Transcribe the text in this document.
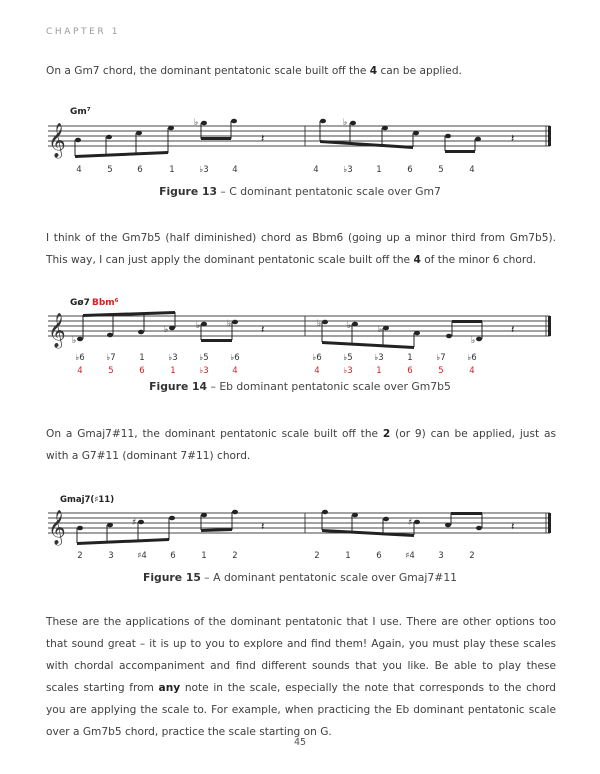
CHAPTER 1
On a Gm7 chord, the dominant pentatonic scale built off the 4 can be applied.
𝄞
Gm⁷
♭	♭
𝄽	𝄽
4	5	6	1	♭3	4	4	♭3	1	6	5	4
Figure 13 – C dominant pentatonic scale over Gm7
I think of the Gm7b5 (half diminished) chord as Bbm6 (going up a minor third from Gm7b5). This way, I can just apply the dominant pentatonic scale built off the 4 of the minor 6 chord.
𝄞
Gø7 Bbm⁶
♭
♭	♭	♭	♭	♭	♭
♭
𝄽	𝄽
♭6	♭7	1	♭3	♭5	♭6	♭6	♭5	♭3	1	♭7	♭6
4	5	6	1	♭3	4	4	♭3	1	6	5	4
Figure 14 – Eb dominant pentatonic scale over Gm7b5
On a Gmaj7#11, the dominant pentatonic scale built off the 2 (or 9) can be applied, just as with a G7#11 (dominant 7#11) chord.
𝄞
Gmaj7(♯11)
♯	♯
𝄽	𝄽
2	3	♯4	6	1	2	2	1	6	♯4	3	2
Figure 15 – A dominant pentatonic scale over Gmaj7#11
These are the applications of the dominant pentatonic that I use. There are other options too that sound great – it is up to you to explore and find them! Again, you must play these scales with chordal accompaniment and find different sounds that you like. Be able to play these scales starting from any note in the scale, especially the note that corresponds to the chord you are applying the scale to. For example, when practicing the Eb dominant pentatonic scale over a Gm7b5 chord, practice the scale starting on G.
45
